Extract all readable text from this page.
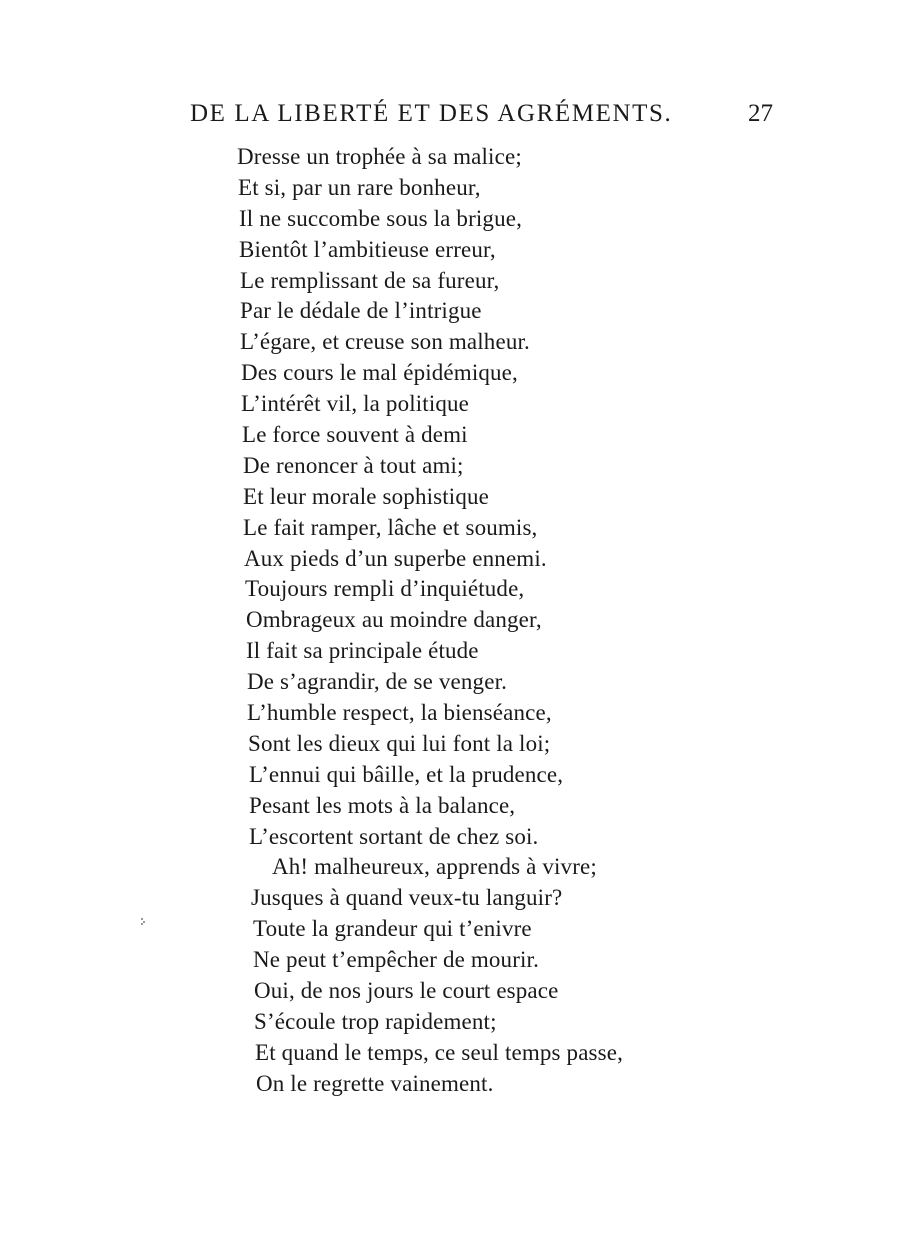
DE LA LIBERTÉ ET DES AGRÉMENTS.	27
Dresse un trophée à sa malice;
Et si, par un rare bonheur,
Il ne succombe sous la brigue,
Bientôt l’ambitieuse erreur,
Le remplissant de sa fureur,
Par le dédale de l’intrigue
L’égare, et creuse son malheur.
Des cours le mal épidémique,
L’intérêt vil, la politique
Le force souvent à demi
De renoncer à tout ami;
Et leur morale sophistique
Le fait ramper, lâche et soumis,
Aux pieds d’un superbe ennemi.
Toujours rempli d’inquiétude,
Ombrageux au moindre danger,
Il fait sa principale étude
De s’agrandir, de se venger.
L’humble respect, la bienséance,
Sont les dieux qui lui font la loi;
L’ennui qui bâille, et la prudence,
Pesant les mots à la balance,
L’escortent sortant de chez soi.
Ah! malheureux, apprends à vivre;
Jusques à quand veux-tu languir?
Toute la grandeur qui t’enivre
Ne peut t’empêcher de mourir.
Oui, de nos jours le court espace
S’écoule trop rapidement;
Et quand le temps, ce seul temps passe,
On le regrette vainement.
